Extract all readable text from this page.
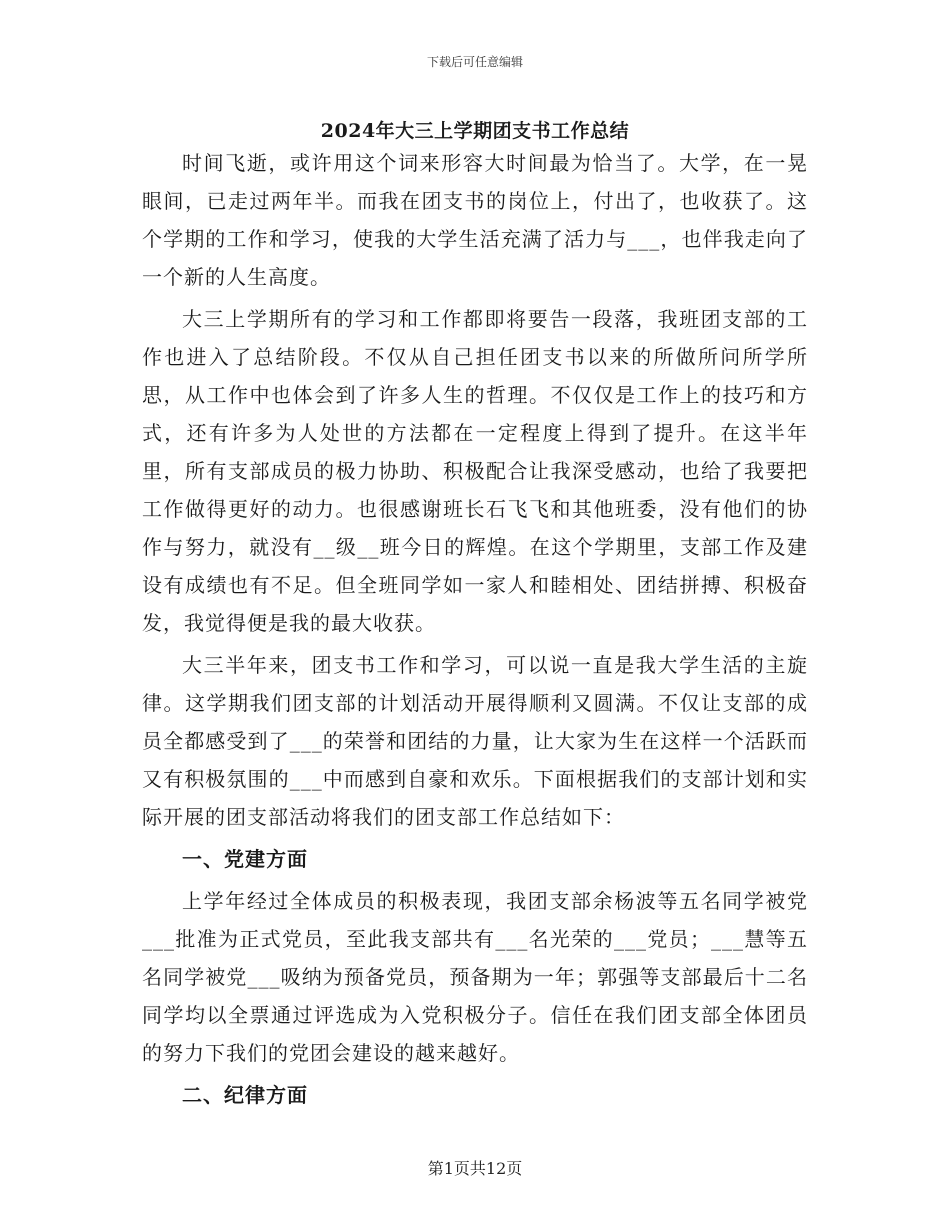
下载后可任意编辑
2024年大三上学期团支书工作总结

时间飞逝，或许用这个词来形容大时间最为恰当了。大学，在一晃眼间，已走过两年半。而我在团支书的岗位上，付出了，也收获了。这个学期的工作和学习，使我的大学生活充满了活力与___，也伴我走向了一个新的人生高度。

大三上学期所有的学习和工作都即将要告一段落，我班团支部的工作也进入了总结阶段。不仅从自己担任团支书以来的所做所问所学所思，从工作中也体会到了许多人生的哲理。不仅仅是工作上的技巧和方式，还有许多为人处世的方法都在一定程度上得到了提升。在这半年里，所有支部成员的极力协助、积极配合让我深受感动，也给了我要把工作做得更好的动力。也很感谢班长石飞飞和其他班委，没有他们的协作与努力，就没有__级__班今日的辉煌。在这个学期里，支部工作及建设有成绩也有不足。但全班同学如一家人和睦相处、团结拼搏、积极奋发，我觉得便是我的最大收获。

大三半年来，团支书工作和学习，可以说一直是我大学生活的主旋律。这学期我们团支部的计划活动开展得顺利又圆满。不仅让支部的成员全都感受到了___的荣誉和团结的力量，让大家为生在这样一个活跃而又有积极氛围的___中而感到自豪和欢乐。下面根据我们的支部计划和实际开展的团支部活动将我们的团支部工作总结如下：

一、党建方面

上学年经过全体成员的积极表现，我团支部余杨波等五名同学被党___批准为正式党员，至此我支部共有___名光荣的___党员；___慧等五名同学被党___吸纳为预备党员，预备期为一年；郭强等支部最后十二名同学均以全票通过评选成为入党积极分子。信任在我们团支部全体团员的努力下我们的党团会建设的越来越好。

二、纪律方面

第1页共12页
